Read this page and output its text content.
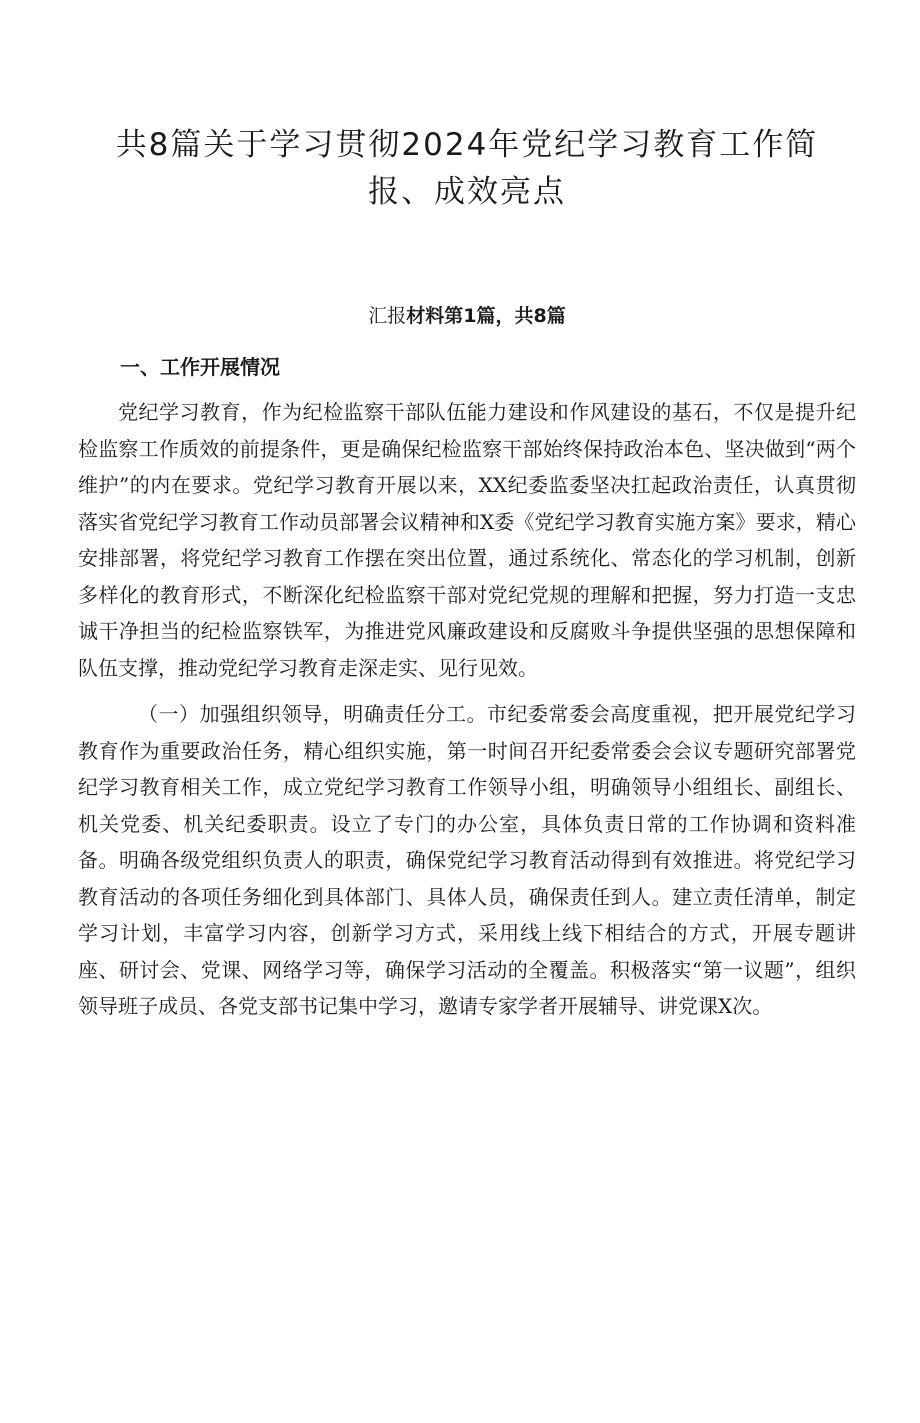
共8篇关于学习贯彻2024年党纪学习教育工作简
报、成效亮点
汇报材料第1篇，共8篇
一、工作开展情况

党纪学习教育，作为纪检监察干部队伍能力建设和作风建设的基石，不仅是提升纪检监察工作质效的前提条件，更是确保纪检监察干部始终保持政治本色、坚决做到“两个维护”的内在要求。党纪学习教育开展以来，XX纪委监委坚决扛起政治责任，认真贯彻落实省党纪学习教育工作动员部署会议精神和X委《党纪学习教育实施方案》要求，精心安排部署，将党纪学习教育工作摆在突出位置，通过系统化、常态化的学习机制，创新多样化的教育形式，不断深化纪检监察干部对党纪党规的理解和把握，努力打造一支忠诚干净担当的纪检监察铁军，为推进党风廉政建设和反腐败斗争提供坚强的思想保障和队伍支撑，推动党纪学习教育走深走实、见行见效。

（一）加强组织领导，明确责任分工。市纪委常委会高度重视，把开展党纪学习教育作为重要政治任务，精心组织实施，第一时间召开纪委常委会会议专题研究部署党纪学习教育相关工作，成立党纪学习教育工作领导小组，明确领导小组组长、副组长、机关党委、机关纪委职责。设立了专门的办公室，具体负责日常的工作协调和资料准备。明确各级党组织负责人的职责，确保党纪学习教育活动得到有效推进。将党纪学习教育活动的各项任务细化到具体部门、具体人员，确保责任到人。建立责任清单，制定学习计划，丰富学习内容，创新学习方式，采用线上线下相结合的方式，开展专题讲座、研讨会、党课、网络学习等，确保学习活动的全覆盖。积极落实“第一议题”，组织领导班子成员、各党支部书记集中学习，邀请专家学者开展辅导、讲党课X次。
